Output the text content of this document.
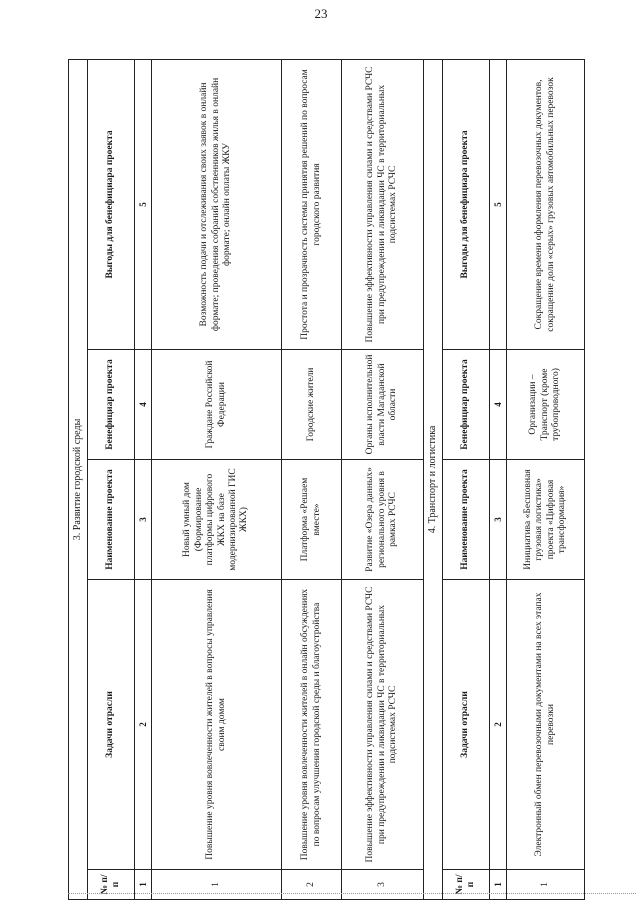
23
3. Развитие городской среды				
№ п/п	Задачи отрасли	Наименование проекта	Бенефициар проекта	Выгоды для бенефициара проекта
1	2	3	4	5
1	Повышение уровня вовлеченности жителей в вопросы управления своим домом	Новый умный дом (Формирование платформы цифрового ЖКХ на базе модернизированной ГИС ЖКХ)	Граждане Российской Федерации	Возможность подачи и отслеживания своих заявок в онлайн формате; проведения собраний собственников жилья в онлайн формате; онлайн оплаты ЖКУ
2	Повышение уровня вовлеченности жителей в онлайн обсуждениях по вопросам улучшения городской среды и благоустройства	Платформа «Решаем вместе»	Городские жители	Простота и прозрачность системы принятия решений по вопросам городского развития
3	Повышение эффективности управления силами и средствами РСЧС при предупреждении и ликвидации ЧС в территориальных подсистемах РСЧС	Развитие «Озера данных» регионального уровня в рамках РСЧС	Органы исполнительной власти Магаданской области	Повышение эффективности управления силами и средствами РСЧС при предупреждении и ликвидации ЧС в территориальных подсистемах РСЧС
4. Транспорт и логистика				
№ п/п	Задачи отрасли	Наименование проекта	Бенефициар проекта	Выгоды для бенефициара проекта
1	2	3	4	5
1	Электронный обмен перевозочными документами на всех этапах перевозки	Инициатива «Бесшовная грузовая логистика» проекта «Цифровая трансформация»	Организации – Транспорт (кроме трубопроводного)	Сокращение времени оформления перевозочных документов, сокращение доли «серых» грузовых автомобильных перевозок
